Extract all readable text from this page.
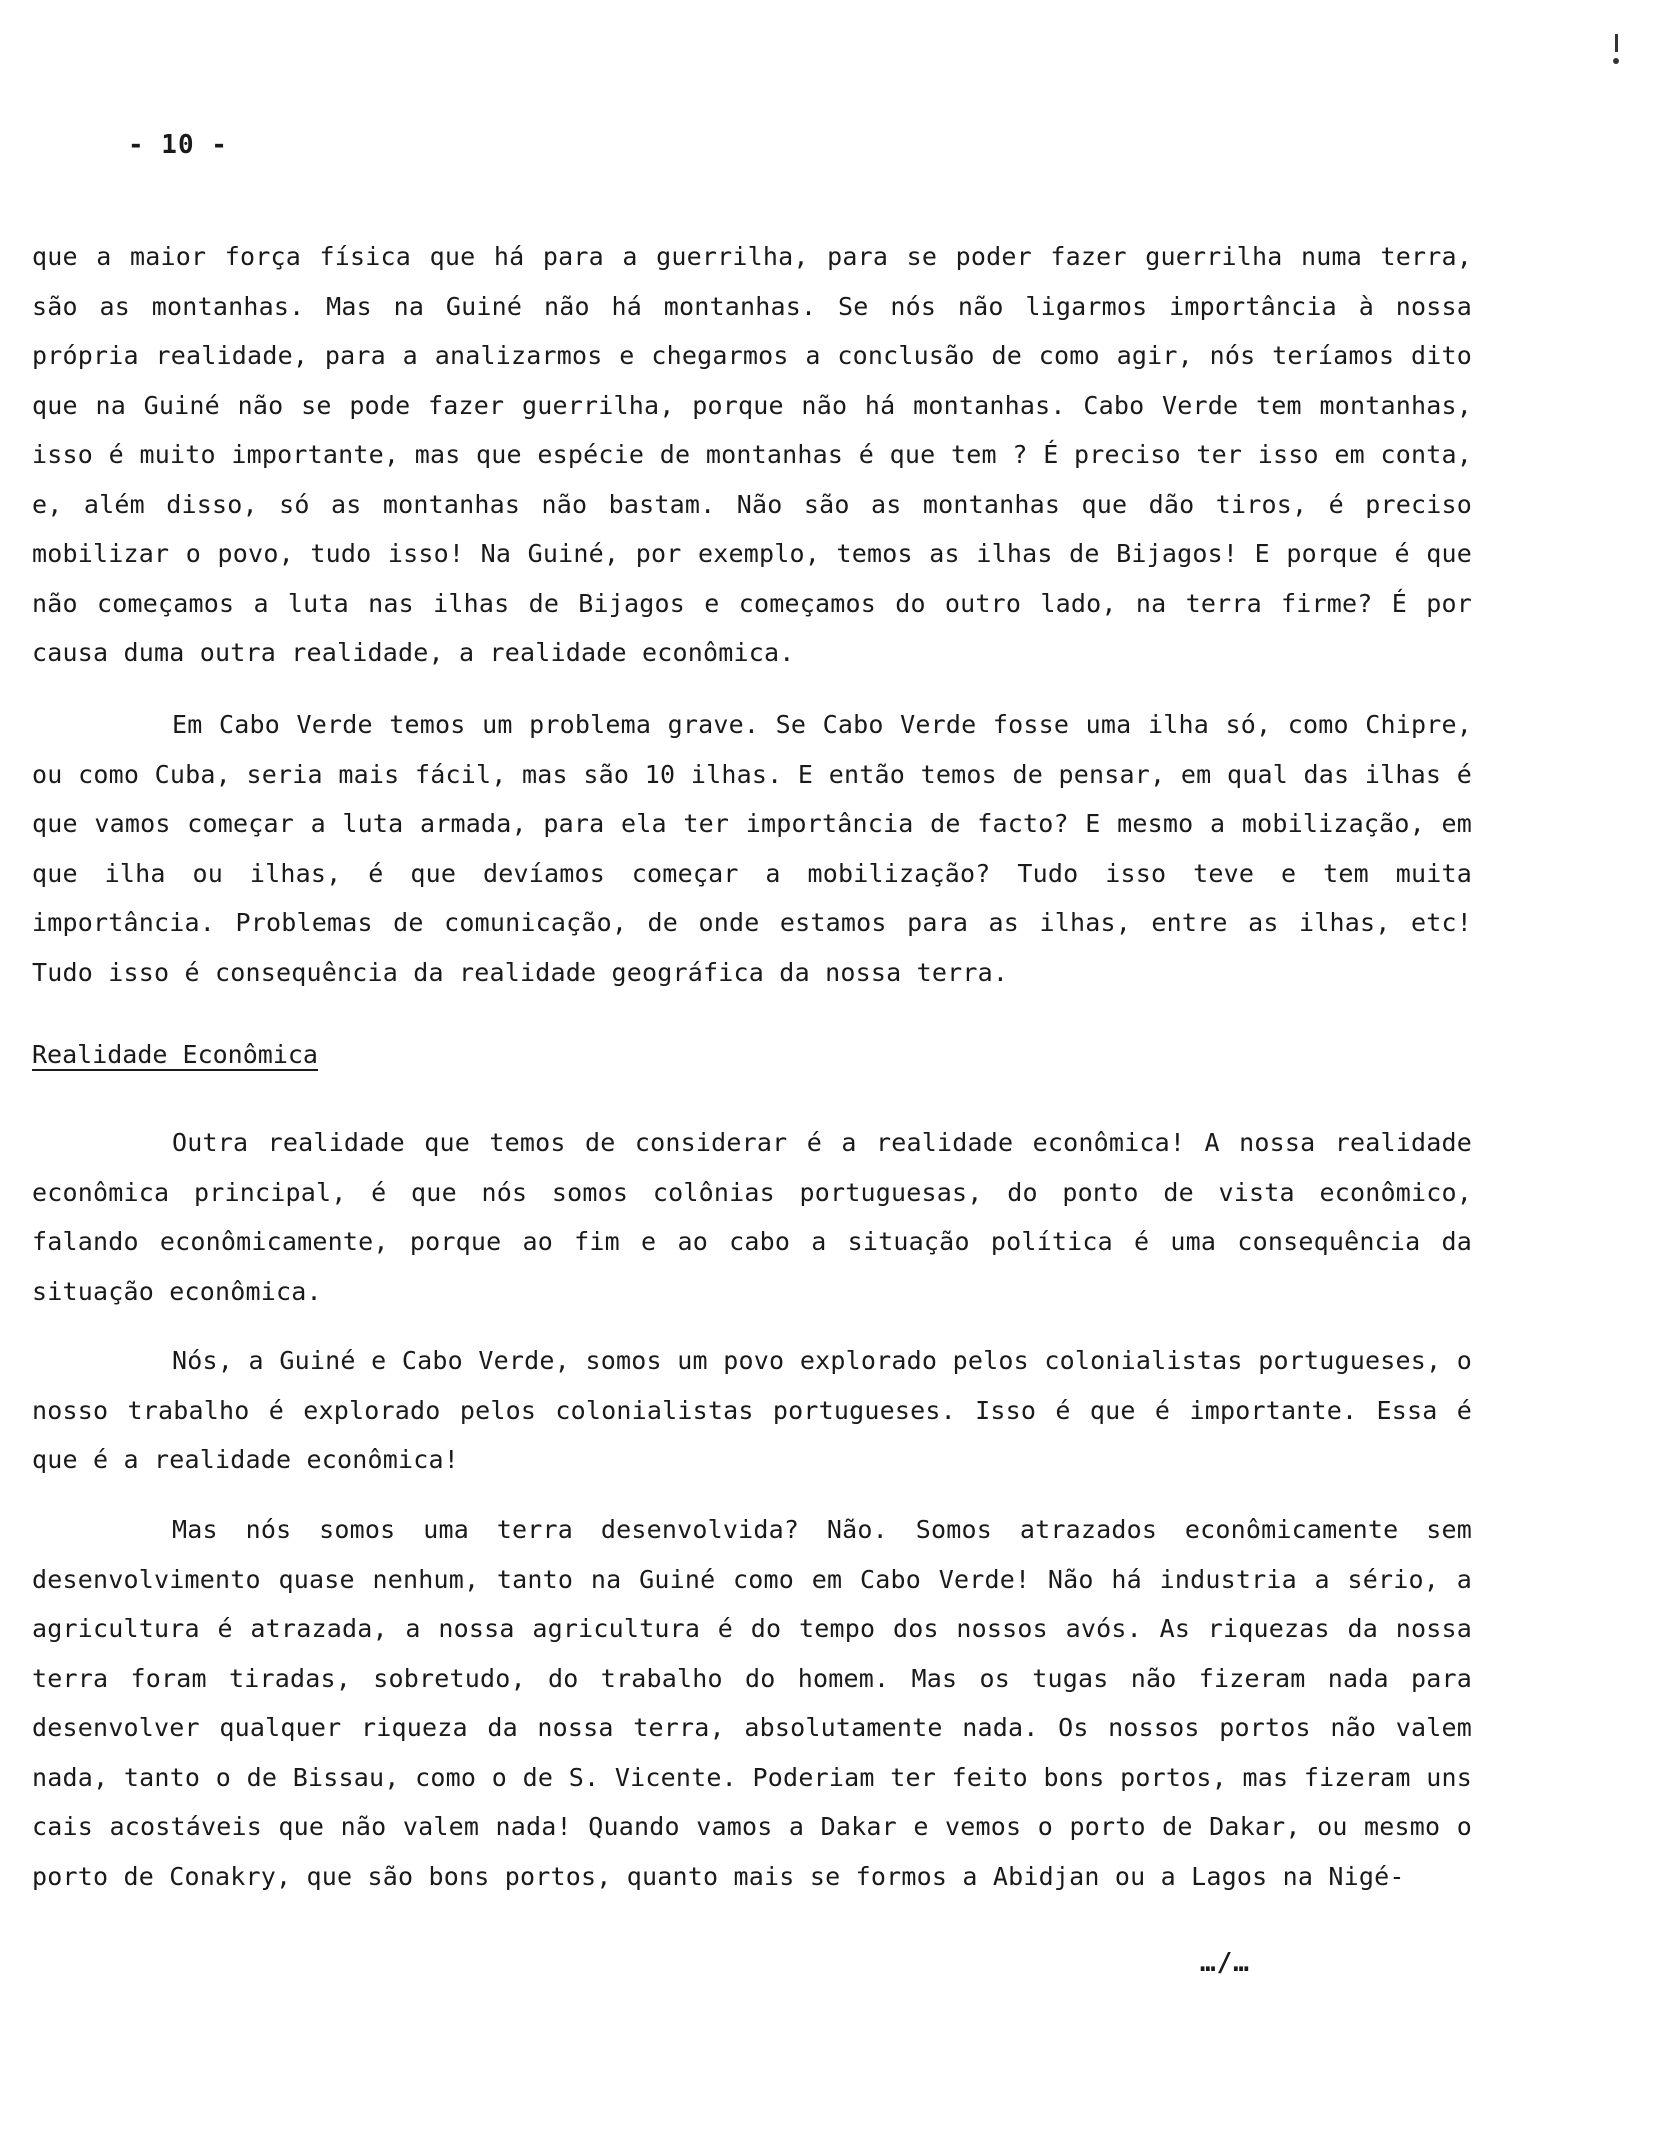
- 10 -

que a maior força física que há para a guerrilha, para se poder fazer guerrilha numa terra, são as montanhas. Mas na Guiné não há montanhas. Se nós não ligarmos importância à nossa própria realidade, para a analizarmos e chegarmos a conclusão de como agir, nós teríamos dito que na Guiné não se pode fazer guerrilha, porque não há montanhas. Cabo Verde tem montanhas, isso é muito importante, mas que espécie de montanhas é que tem ? É preciso ter isso em conta, e, além disso, só as montanhas não bastam. Não são as montanhas que dão tiros, é preciso mobilizar o povo, tudo isso! Na Guiné, por exemplo, temos as ilhas de Bijagos! E porque é que não começamos a luta nas ilhas de Bijagos e começamos do outro lado, na terra firme? É por causa duma outra realidade, a realidade econômica.

Em Cabo Verde temos um problema grave. Se Cabo Verde fosse uma ilha só, como Chipre, ou como Cuba, seria mais fácil, mas são 10 ilhas. E então temos de pensar, em qual das ilhas é que vamos começar a luta armada, para ela ter importância de facto? E mesmo a mobilização, em que ilha ou ilhas, é que devíamos começar a mobilização? Tudo isso teve e tem muita importância. Problemas de comunicação, de onde estamos para as ilhas, entre as ilhas, etc! Tudo isso é consequência da realidade geográfica da nossa terra.

Realidade Econômica

Outra realidade que temos de considerar é a realidade econômica! A nossa realidade econômica principal, é que nós somos colônias portuguesas, do ponto de vista econômico, falando econômicamente, porque ao fim e ao cabo a situação política é uma consequência da situação econômica.

Nós, a Guiné e Cabo Verde, somos um povo explorado pelos colonialistas portugueses, o nosso trabalho é explorado pelos colonialistas portugueses. Isso é que é importante. Essa é que é a realidade econômica!

Mas nós somos uma terra desenvolvida? Não. Somos atrazados econômicamente sem desenvolvimento quase nenhum, tanto na Guiné como em Cabo Verde! Não há industria a sério, a agricultura é atrazada, a nossa agricultura é do tempo dos nossos avós. As riquezas da nossa terra foram tiradas, sobretudo, do trabalho do homem. Mas os tugas não fizeram nada para desenvolver qualquer riqueza da nossa terra, absolutamente nada. Os nossos portos não valem nada, tanto o de Bissau, como o de S. Vicente. Poderiam ter feito bons portos, mas fizeram uns cais acostáveis que não valem nada! Quando vamos a Dakar e vemos o porto de Dakar, ou mesmo o porto de Conakry, que são bons portos, quanto mais se formos a Abidjan ou a Lagos na Nigé-

…/…
